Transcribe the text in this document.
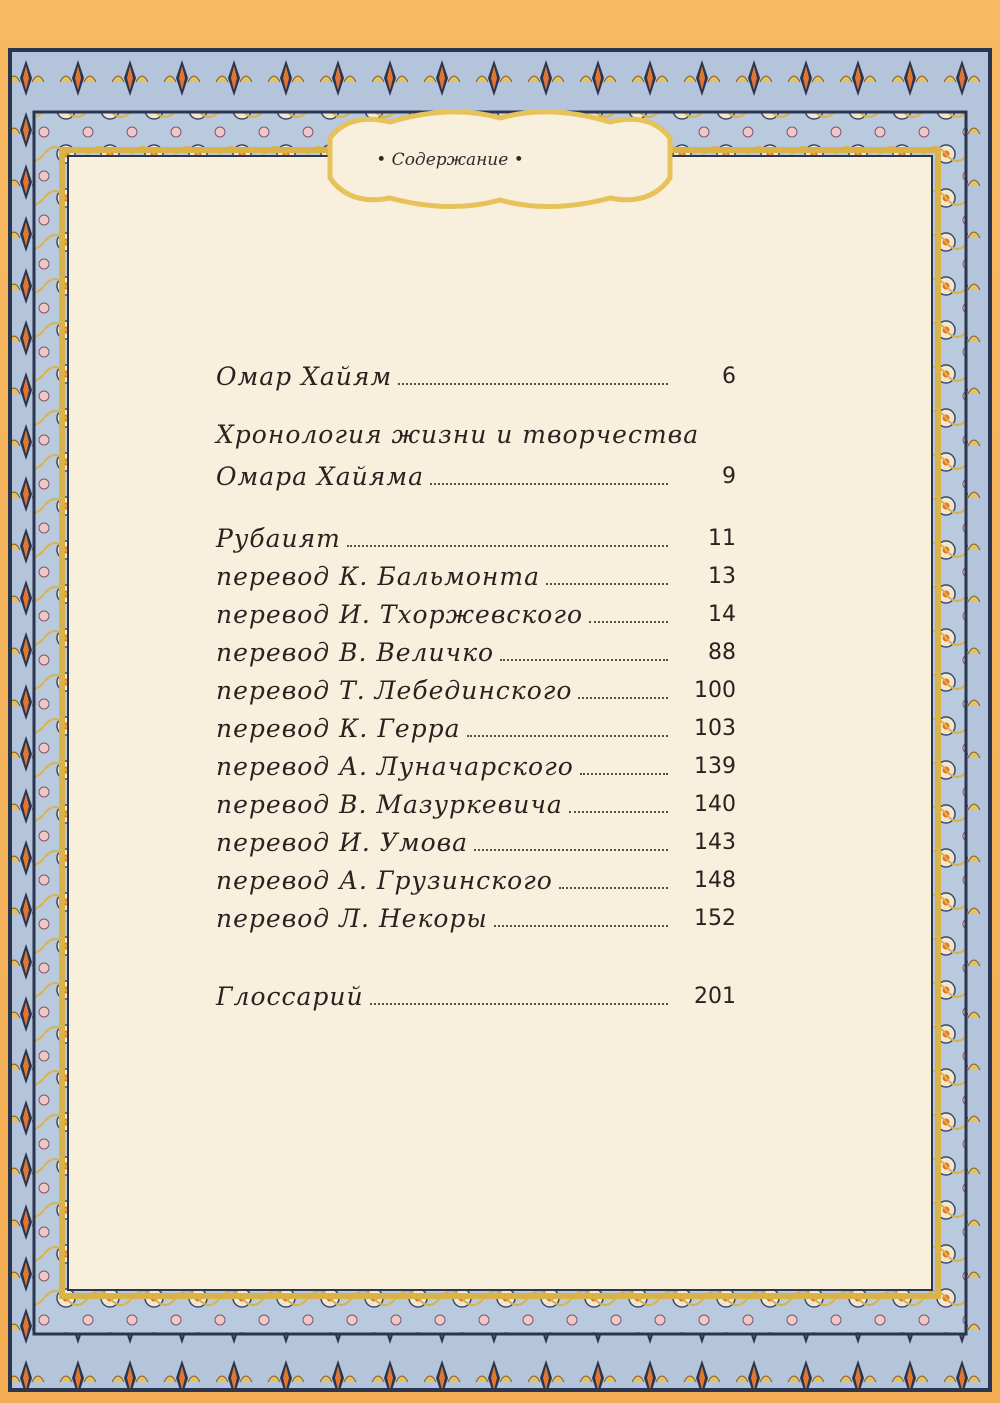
• Содержание •
Омар Хайям	6
Хронология жизни и творчества
Омара Хайяма	9
Рубаият	11
перевод К. Бальмонта	13
перевод И. Тхоржевского	14
перевод В. Величко	88
перевод Т. Лебединского	100
перевод К. Герра	103
перевод А. Луначарского	139
перевод В. Мазуркевича	140
перевод И. Умова	143
перевод А. Грузинского	148
перевод Л. Некоры	152
Глоссарий	201
